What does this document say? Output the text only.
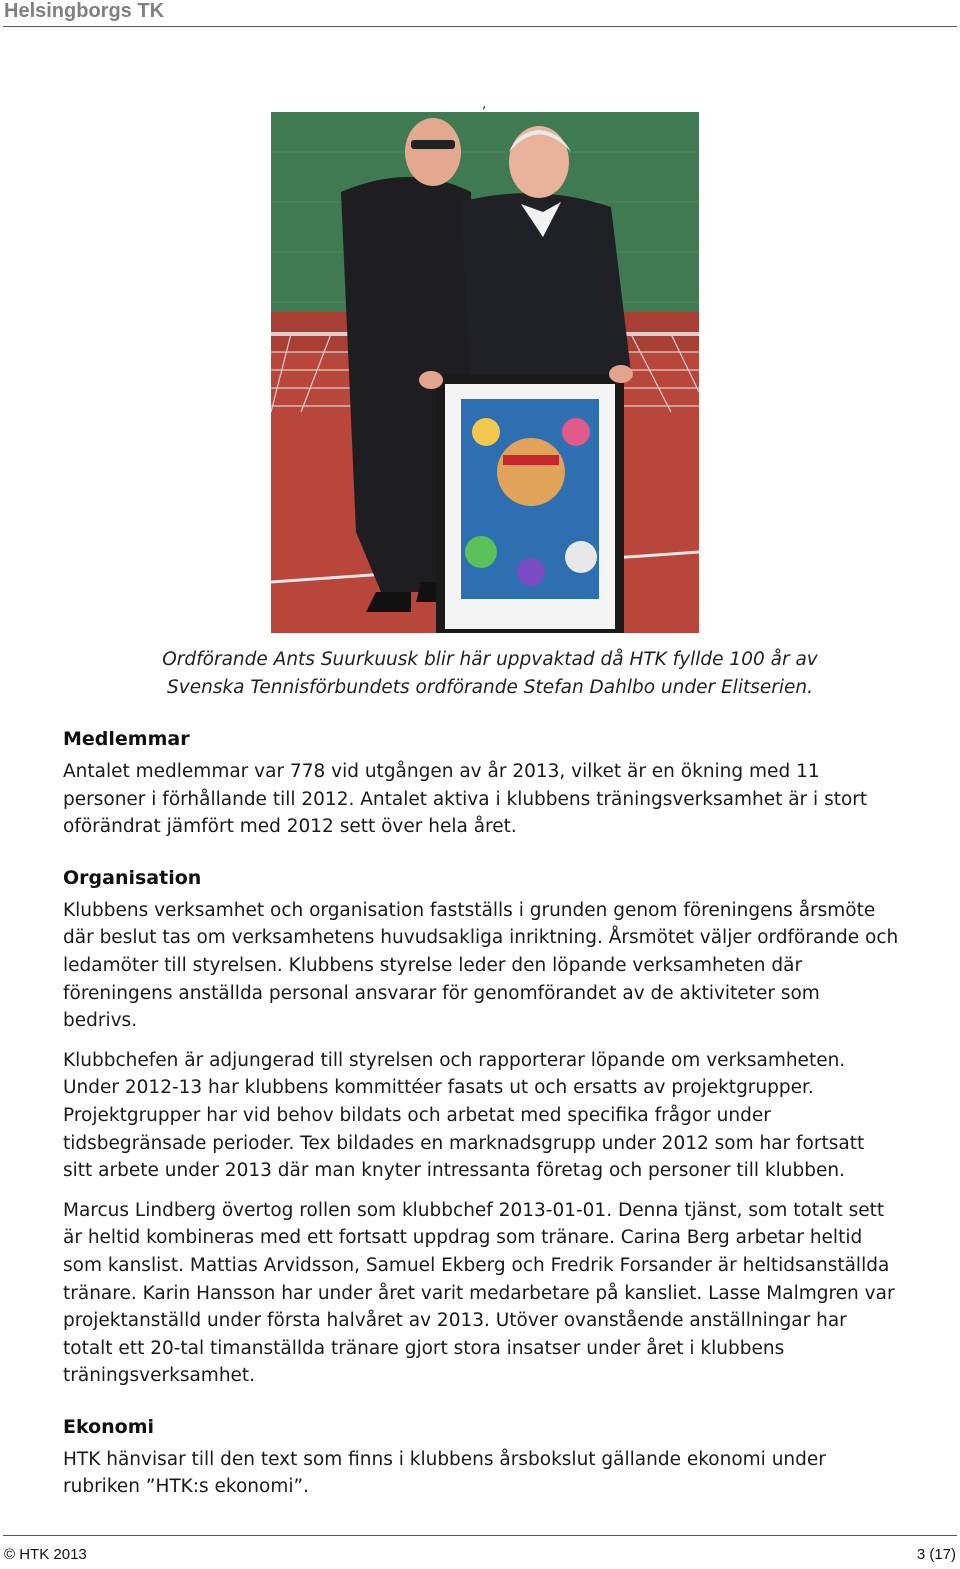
Helsingborgs TK
,
Ordförande Ants Suurkuusk blir här uppvaktad då HTK fyllde 100 år av
Svenska Tennisförbundets ordförande Stefan Dahlbo under Elitserien.
Medlemmar

Antalet medlemmar var 778 vid utgången av år 2013, vilket är en ökning med 11 personer i förhållande till 2012. Antalet aktiva i klubbens träningsverksamhet är i stort oförändrat jämfört med 2012 sett över hela året.

Organisation

Klubbens verksamhet och organisation fastställs i grunden genom föreningens årsmöte där beslut tas om verksamhetens huvudsakliga inriktning. Årsmötet väljer ordförande och ledamöter till styrelsen. Klubbens styrelse leder den löpande verksamheten där föreningens anställda personal ansvarar för genomförandet av de aktiviteter som bedrivs.

Klubbchefen är adjungerad till styrelsen och rapporterar löpande om verksamheten. Under 2012-13 har klubbens kommittéer fasats ut och ersatts av projektgrupper. Projektgrupper har vid behov bildats och arbetat med specifika frågor under tidsbegränsade perioder. Tex bildades en marknadsgrupp under 2012 som har fortsatt sitt arbete under 2013 där man knyter intressanta företag och personer till klubben.

Marcus Lindberg övertog rollen som klubbchef 2013-01-01. Denna tjänst, som totalt sett är heltid kombineras med ett fortsatt uppdrag som tränare. Carina Berg arbetar heltid som kanslist. Mattias Arvidsson, Samuel Ekberg och Fredrik Forsander är heltidsanställda tränare. Karin Hansson har under året varit medarbetare på kansliet. Lasse Malmgren var projektanställd under första halvåret av 2013. Utöver ovanstående anställningar har totalt ett 20-tal timanställda tränare gjort stora insatser under året i klubbens träningsverksamhet.

Ekonomi

HTK hänvisar till den text som finns i klubbens årsbokslut gällande ekonomi under rubriken ”HTK:s ekonomi”.

© HTK 2013	3 (17)
